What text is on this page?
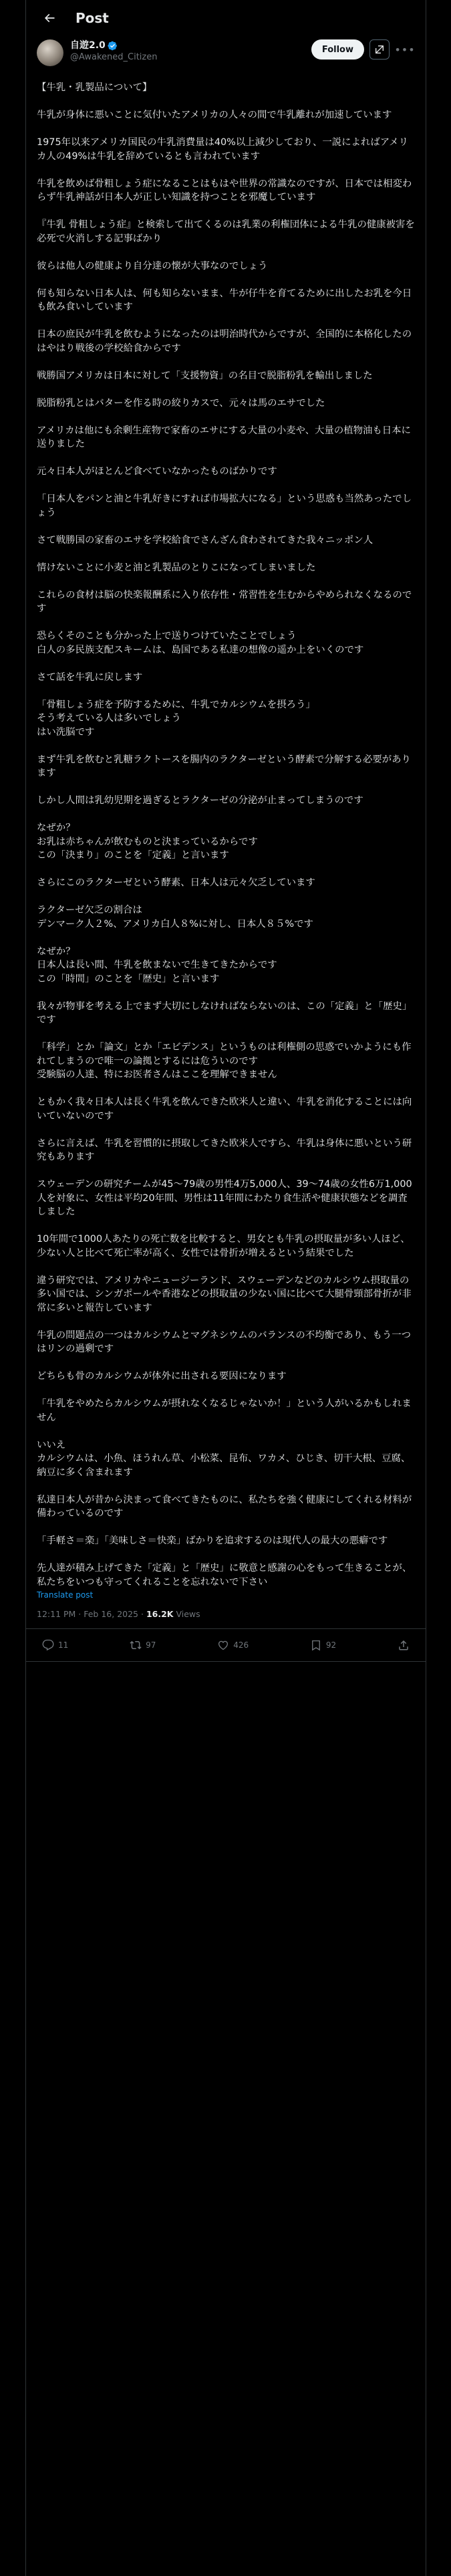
Post
自遊2.0
@Awakened_Citizen
Follow	•••

【牛乳・乳製品について】

牛乳が身体に悪いことに気付いたアメリカの人々の間で牛乳離れが加速しています

1975年以来アメリカ国民の牛乳消費量は40%以上減少しており、一説によればアメリカ人の49%は牛乳を辞めているとも言われています

牛乳を飲めば骨粗しょう症になることはもはや世界の常識なのですが、日本では相変わらず牛乳神話が日本人が正しい知識を持つことを邪魔しています

『牛乳 骨粗しょう症』と検索して出てくるのは乳業の利権団体による牛乳の健康被害を必死で火消しする記事ばかり

彼らは他人の健康より自分達の懐が大事なのでしょう

何も知らない日本人は、何も知らないまま、牛が仔牛を育てるために出したお乳を今日も飲み食いしています

日本の庶民が牛乳を飲むようになったのは明治時代からですが、全国的に本格化したのはやはり戦後の学校給食からです

戦勝国アメリカは日本に対して「支援物資」の名目で脱脂粉乳を輸出しました

脱脂粉乳とはバターを作る時の絞りカスで、元々は馬のエサでした

アメリカは他にも余剰生産物で家畜のエサにする大量の小麦や、大量の植物油も日本に送りました

元々日本人がほとんど食べていなかったものばかりです

「日本人をパンと油と牛乳好きにすれば市場拡大になる」という思惑も当然あったでしょう

さて戦勝国の家畜のエサを学校給食でさんざん食わされてきた我々ニッポン人

情けないことに小麦と油と乳製品のとりこになってしまいました

これらの食材は脳の快楽報酬系に入り依存性・常習性を生むからやめられなくなるのです

恐らくそのことも分かった上で送りつけていたことでしょう
白人の多民族支配スキームは、島国である私達の想像の遥か上をいくのです

さて話を牛乳に戻します

「骨粗しょう症を予防するために、牛乳でカルシウムを摂ろう」
そう考えている人は多いでしょう
はい洗脳です

まず牛乳を飲むと乳糖ラクトースを腸内のラクターゼという酵素で分解する必要があります

しかし人間は乳幼児期を過ぎるとラクターゼの分泌が止まってしまうのです

なぜか？
お乳は赤ちゃんが飲むものと決まっているからです
この「決まり」のことを「定義」と言います

さらにこのラクターゼという酵素、日本人は元々欠乏しています

ラクターゼ欠乏の割合は
デンマーク人２%、アメリカ白人８%に対し、日本人８５%です

なぜか？
日本人は長い間、牛乳を飲まないで生きてきたからです
この「時間」のことを「歴史」と言います

我々が物事を考える上でまず大切にしなければならないのは、この「定義」と「歴史」です

「科学」とか「論文」とか「エビデンス」というものは利権側の思惑でいかようにも作れてしまうので唯一の論拠とするには危ういのです
受験脳の人達、特にお医者さんはここを理解できません

ともかく我々日本人は長く牛乳を飲んできた欧米人と違い、牛乳を消化することには向いていないのです

さらに言えば、牛乳を習慣的に摂取してきた欧米人ですら、牛乳は身体に悪いという研究もあります

スウェーデンの研究チームが45〜79歳の男性4万5,000人、39〜74歳の女性6万1,000人を対象に、女性は平均20年間、男性は11年間にわたり食生活や健康状態などを調査しました

10年間で1000人あたりの死亡数を比較すると、男女とも牛乳の摂取量が多い人ほど、少ない人と比べて死亡率が高く、女性では骨折が増えるという結果でした

違う研究では、アメリカやニュージーランド、スウェーデンなどのカルシウム摂取量の多い国では、シンガポールや香港などの摂取量の少ない国に比べて大腿骨頸部骨折が非常に多いと報告しています

牛乳の問題点の一つはカルシウムとマグネシウムのバランスの不均衡であり、もう一つはリンの過剰です

どちらも骨のカルシウムが体外に出される要因になります

「牛乳をやめたらカルシウムが摂れなくなるじゃないか！」という人がいるかもしれません

いいえ
カルシウムは、小魚、ほうれん草、小松菜、昆布、ワカメ、ひじき、切干大根、豆腐、納豆に多く含まれます

私達日本人が昔から決まって食べてきたものに、私たちを強く健康にしてくれる材料が備わっているのです

「手軽さ＝楽」「美味しさ＝快楽」ばかりを追求するのは現代人の最大の悪癖です

先人達が積み上げてきた「定義」と「歴史」に敬意と感謝の心をもって生きることが、私たちをいつも守ってくれることを忘れないで下さい

Translate post
12:11 PM · Feb 16, 2025 · 16.2K Views
11	97	426	92
